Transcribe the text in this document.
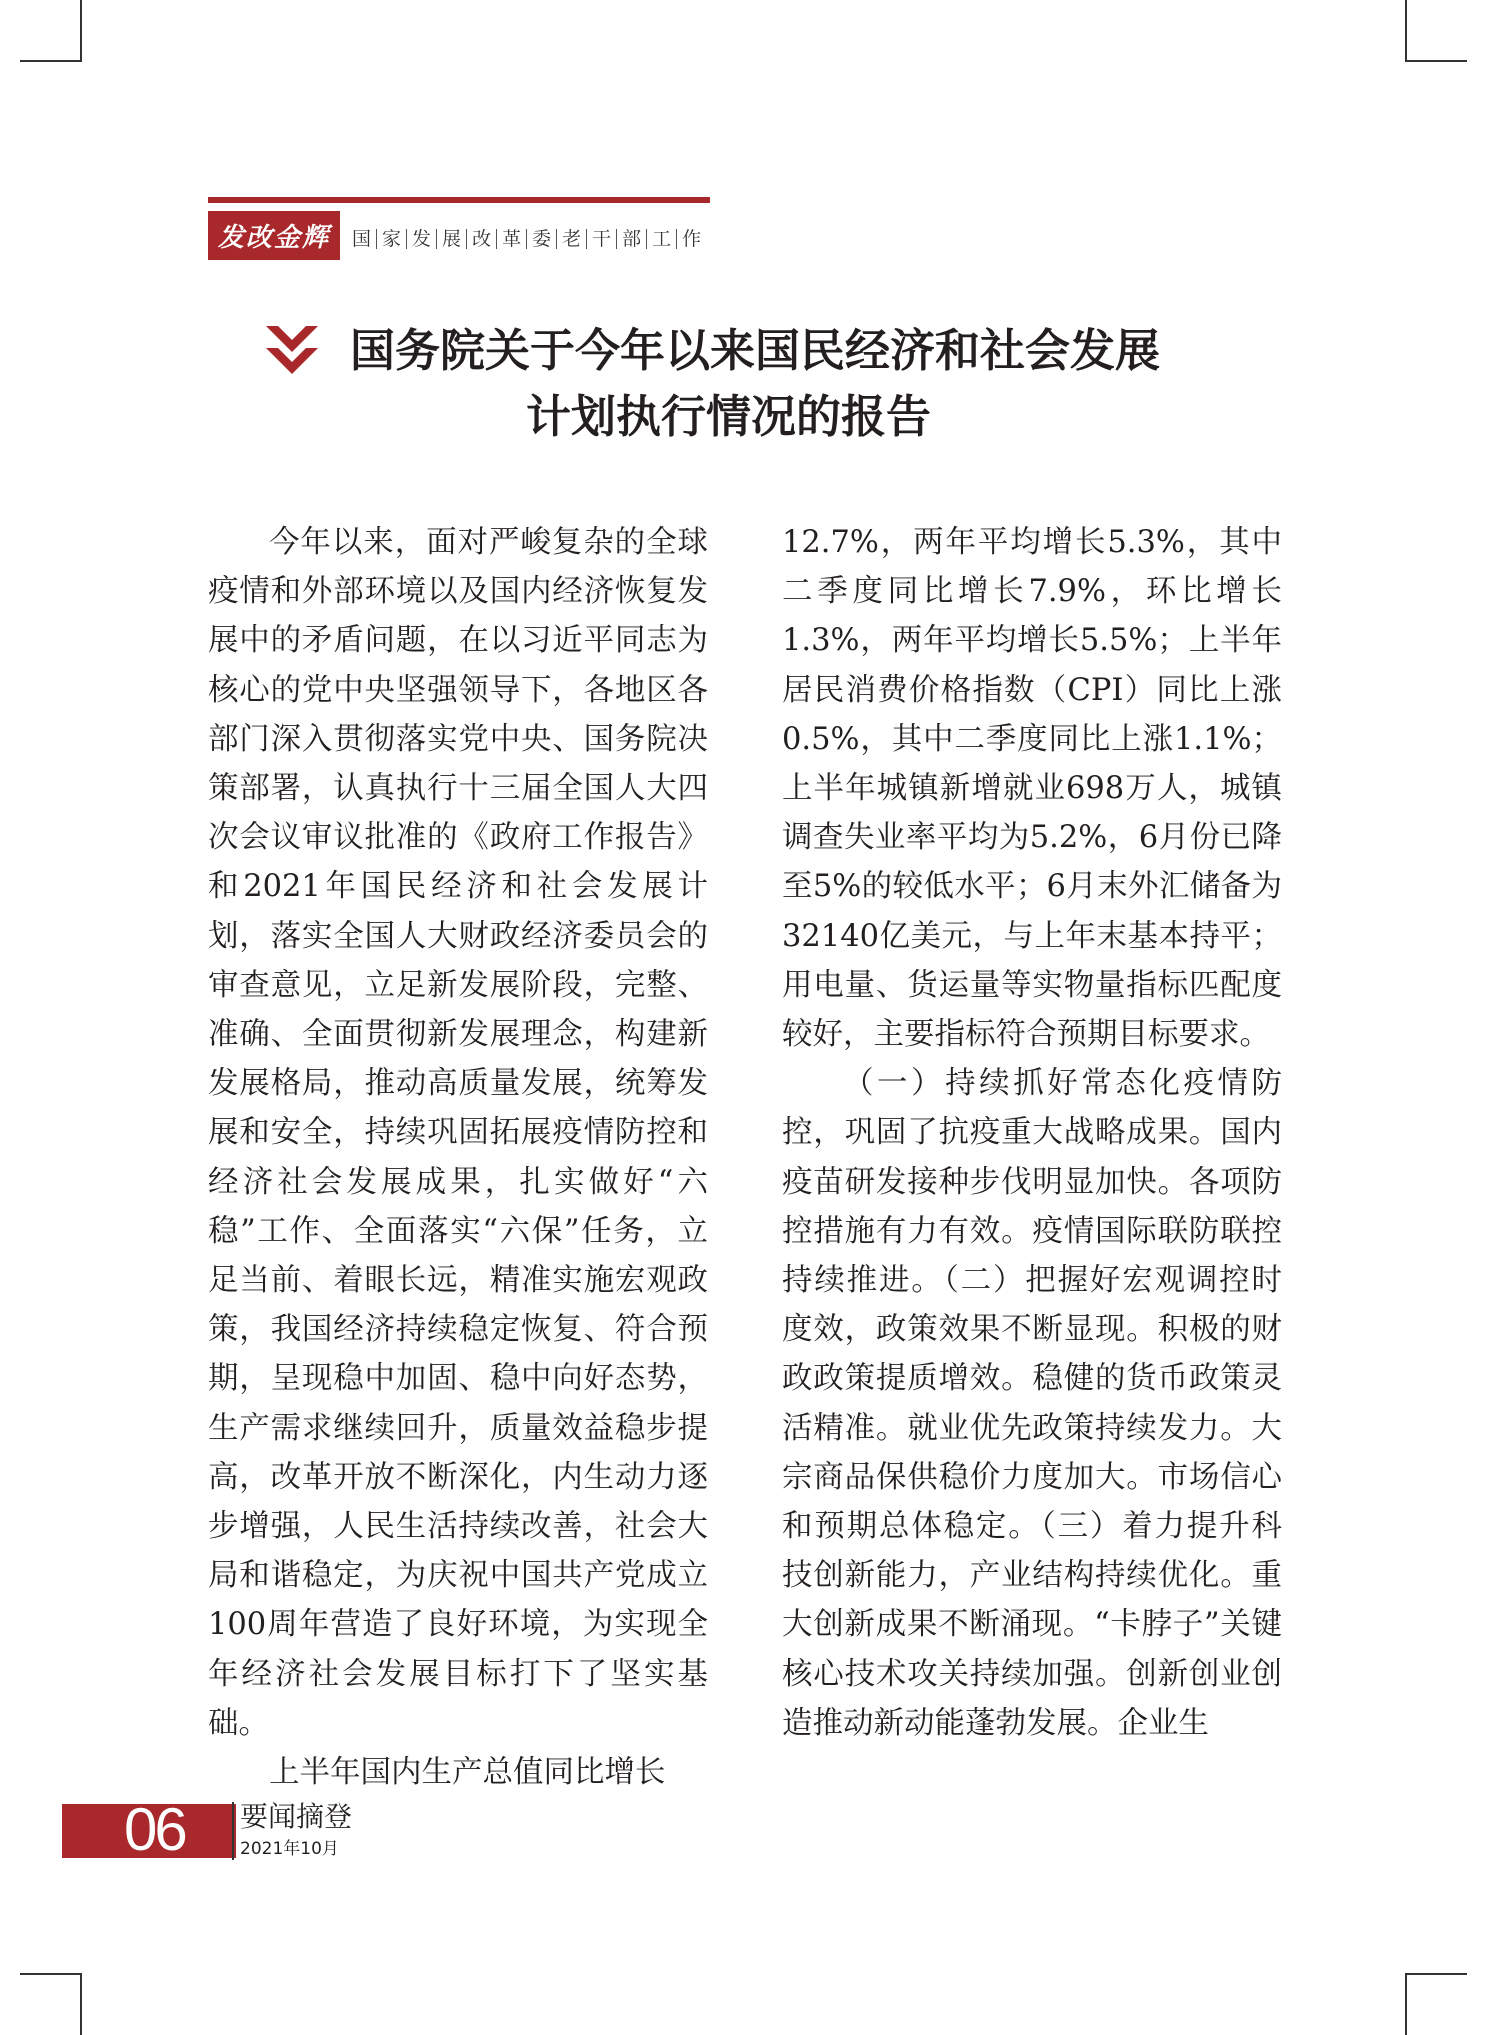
发改金辉	国 家 发 展 改 革 委 老 干 部 工 作
国务院关于今年以来国民经济和社会发展
计划执行情况的报告

今年以来，面对严峻复杂的全球疫情和外部环境以及国内经济恢复发展中的矛盾问题，在以习近平同志为核心的党中央坚强领导下，各地区各部门深入贯彻落实党中央、国务院决策部署，认真执行十三届全国人大四次会议审议批准的《政府工作报告》和2021年国民经济和社会发展计划，落实全国人大财政经济委员会的审查意见，立足新发展阶段，完整、准确、全面贯彻新发展理念，构建新发展格局，推动高质量发展，统筹发展和安全，持续巩固拓展疫情防控和经济社会发展成果，扎实做好“六稳”工作、全面落实“六保”任务，立足当前、着眼长远，精准实施宏观政策，我国经济持续稳定恢复、符合预期，呈现稳中加固、稳中向好态势，生产需求继续回升，质量效益稳步提高，改革开放不断深化，内生动力逐步增强，人民生活持续改善，社会大局和谐稳定，为庆祝中国共产党成立100周年营造了良好环境，为实现全年经济社会发展目标打下了坚实基础。

上半年国内生产总值同比增长

12.7%，两年平均增长5.3%，其中二季度同比增长7.9%，环比增长1.3%，两年平均增长5.5%；上半年居民消费价格指数（CPI）同比上涨0.5%，其中二季度同比上涨1.1%；上半年城镇新增就业698万人，城镇调查失业率平均为5.2%，6月份已降至5%的较低水平；6月末外汇储备为32140亿美元，与上年末基本持平；用电量、货运量等实物量指标匹配度较好，主要指标符合预期目标要求。

（一）持续抓好常态化疫情防控，巩固了抗疫重大战略成果。国内疫苗研发接种步伐明显加快。各项防控措施有力有效。疫情国际联防联控持续推进。（二）把握好宏观调控时度效，政策效果不断显现。积极的财政政策提质增效。稳健的货币政策灵活精准。就业优先政策持续发力。大宗商品保供稳价力度加大。市场信心和预期总体稳定。（三）着力提升科技创新能力，产业结构持续优化。重大创新成果不断涌现。“卡脖子”关键核心技术攻关持续加强。创新创业创造推动新动能蓬勃发展。企业生

06 要闻摘登
2021年10月
